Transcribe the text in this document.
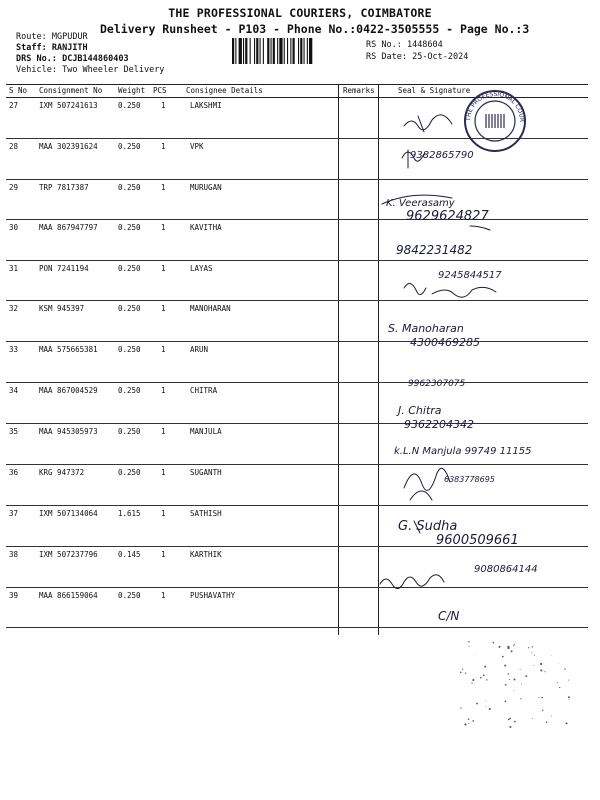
THE PROFESSIONAL COURIERS, COIMBATORE
Delivery Runsheet - P103 - Phone No.:0422-3505555 - Page No.:3
Route: MGPUDUR
Staff: RANJITH
DRS No.: DCJB144860403
Vehicle: Two Wheeler Delivery
RS No.: 1448604
RS Date: 25-Oct-2024
S No Consignment No Weight PCS	Consignee Details	Remarks	Seal & Signature
27	IXM 507241613	0.250	1	LAKSHMI
28	MAA 302391624	0.250	1	VPK
29	TRP 7817387	0.250	1	MURUGAN
30	MAA 867947797	0.250	1	KAVITHA
31	PON 7241194	0.250	1	LAYAS
32	KSM 945397	0.250	1	MANOHARAN
33	MAA 575665381	0.250	1	ARUN
34	MAA 867004529	0.250	1	CHITRA
35	MAA 945305973	0.250	1	MANJULA
36	KRG 947372	0.250	1	SUGANTH
37	IXM 507134064	1.615	1	SATHISH
38	IXM 507237796	0.145	1	KARTHIK
39	MAA 866159064	0.250	1	PUSHAVATHY
9382865790
K. Veerasamy
9629624827
9842231482
9245844517
S. Manoharan
4300469285
9962307075
J. Chitra
9362204342
k.L.N Manjula 99749 11155
6383778695
G. Sudha
9600509661
9080864144
C/N
THE PROFESSIONAL COUR
